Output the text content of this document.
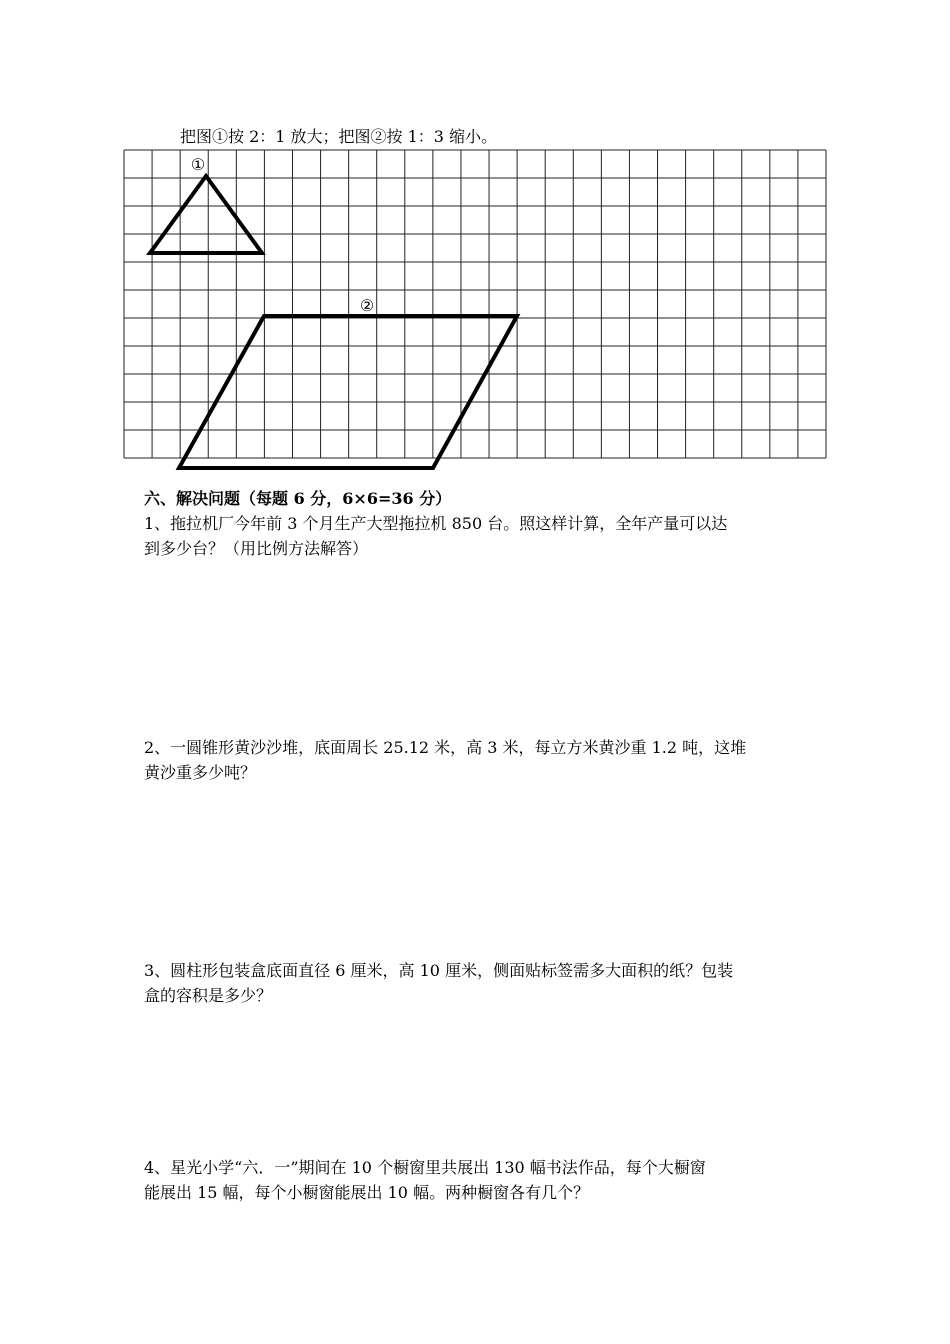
把图①按 2：1 放大；把图②按 1：3 缩小。
①
②
六、解决问题（每题 6 分，6×6=36 分）
1、拖拉机厂今年前 3 个月生产大型拖拉机 850 台。照这样计算，全年产量可以达
到多少台？（用比例方法解答）
2、一圆锥形黄沙沙堆，底面周长 25.12 米，高 3 米，每立方米黄沙重 1.2 吨，这堆
黄沙重多少吨？
3、圆柱形包装盒底面直径 6 厘米，高 10 厘米，侧面贴标签需多大面积的纸？包装
盒的容积是多少？
4、星光小学“六．一”期间在 10 个橱窗里共展出 130 幅书法作品，每个大橱窗
能展出 15 幅，每个小橱窗能展出 10 幅。两种橱窗各有几个？
